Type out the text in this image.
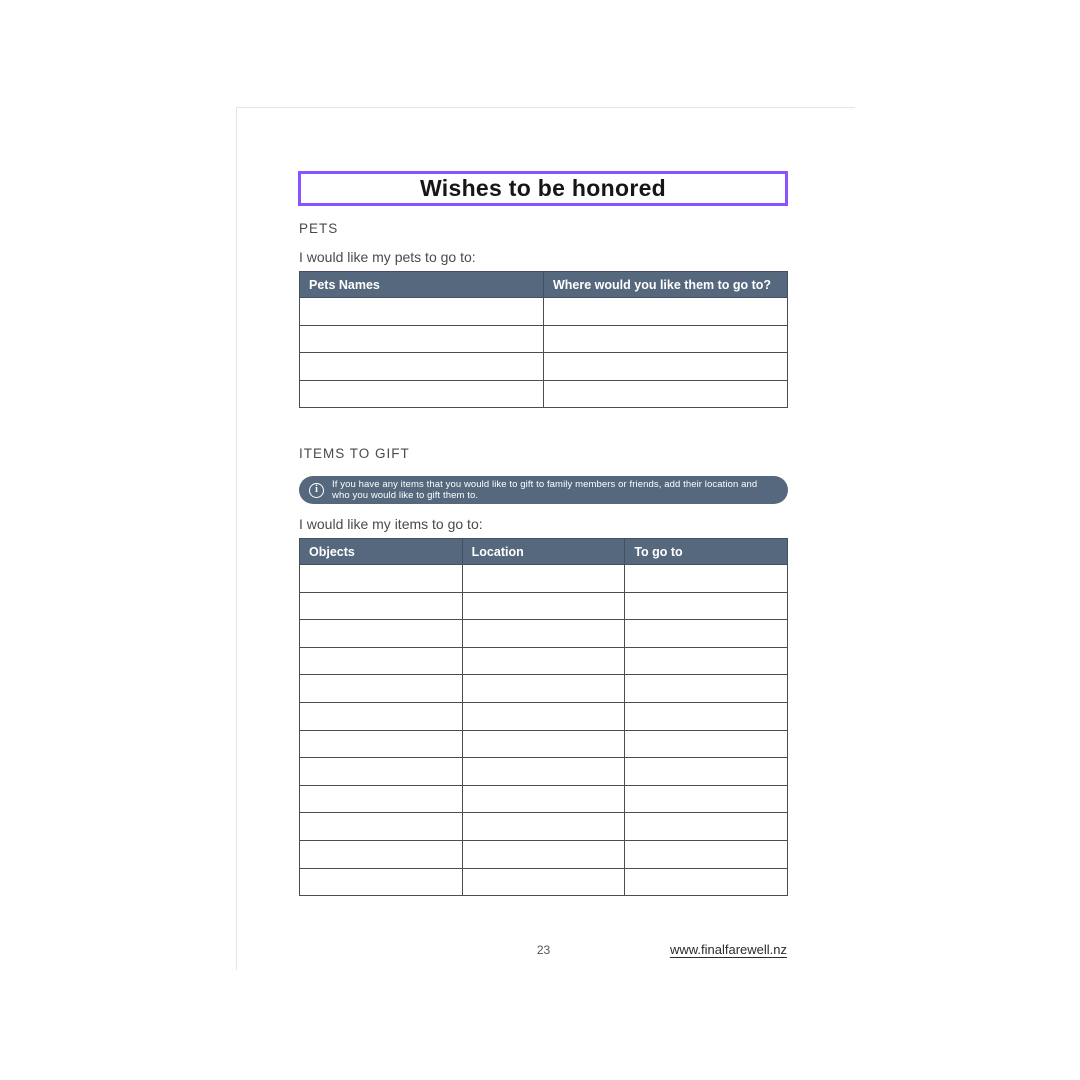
Wishes to be honored
PETS
I would like my pets to go to:
Pets Names	Where would you like them to go to?

ITEMS TO GIFT
i	If you have any items that you would like to gift to family members or friends, add their location and who you would like to gift them to.
I would like my items to go to:
Objects	Location	To go to

23	www.finalfarewell.nz
